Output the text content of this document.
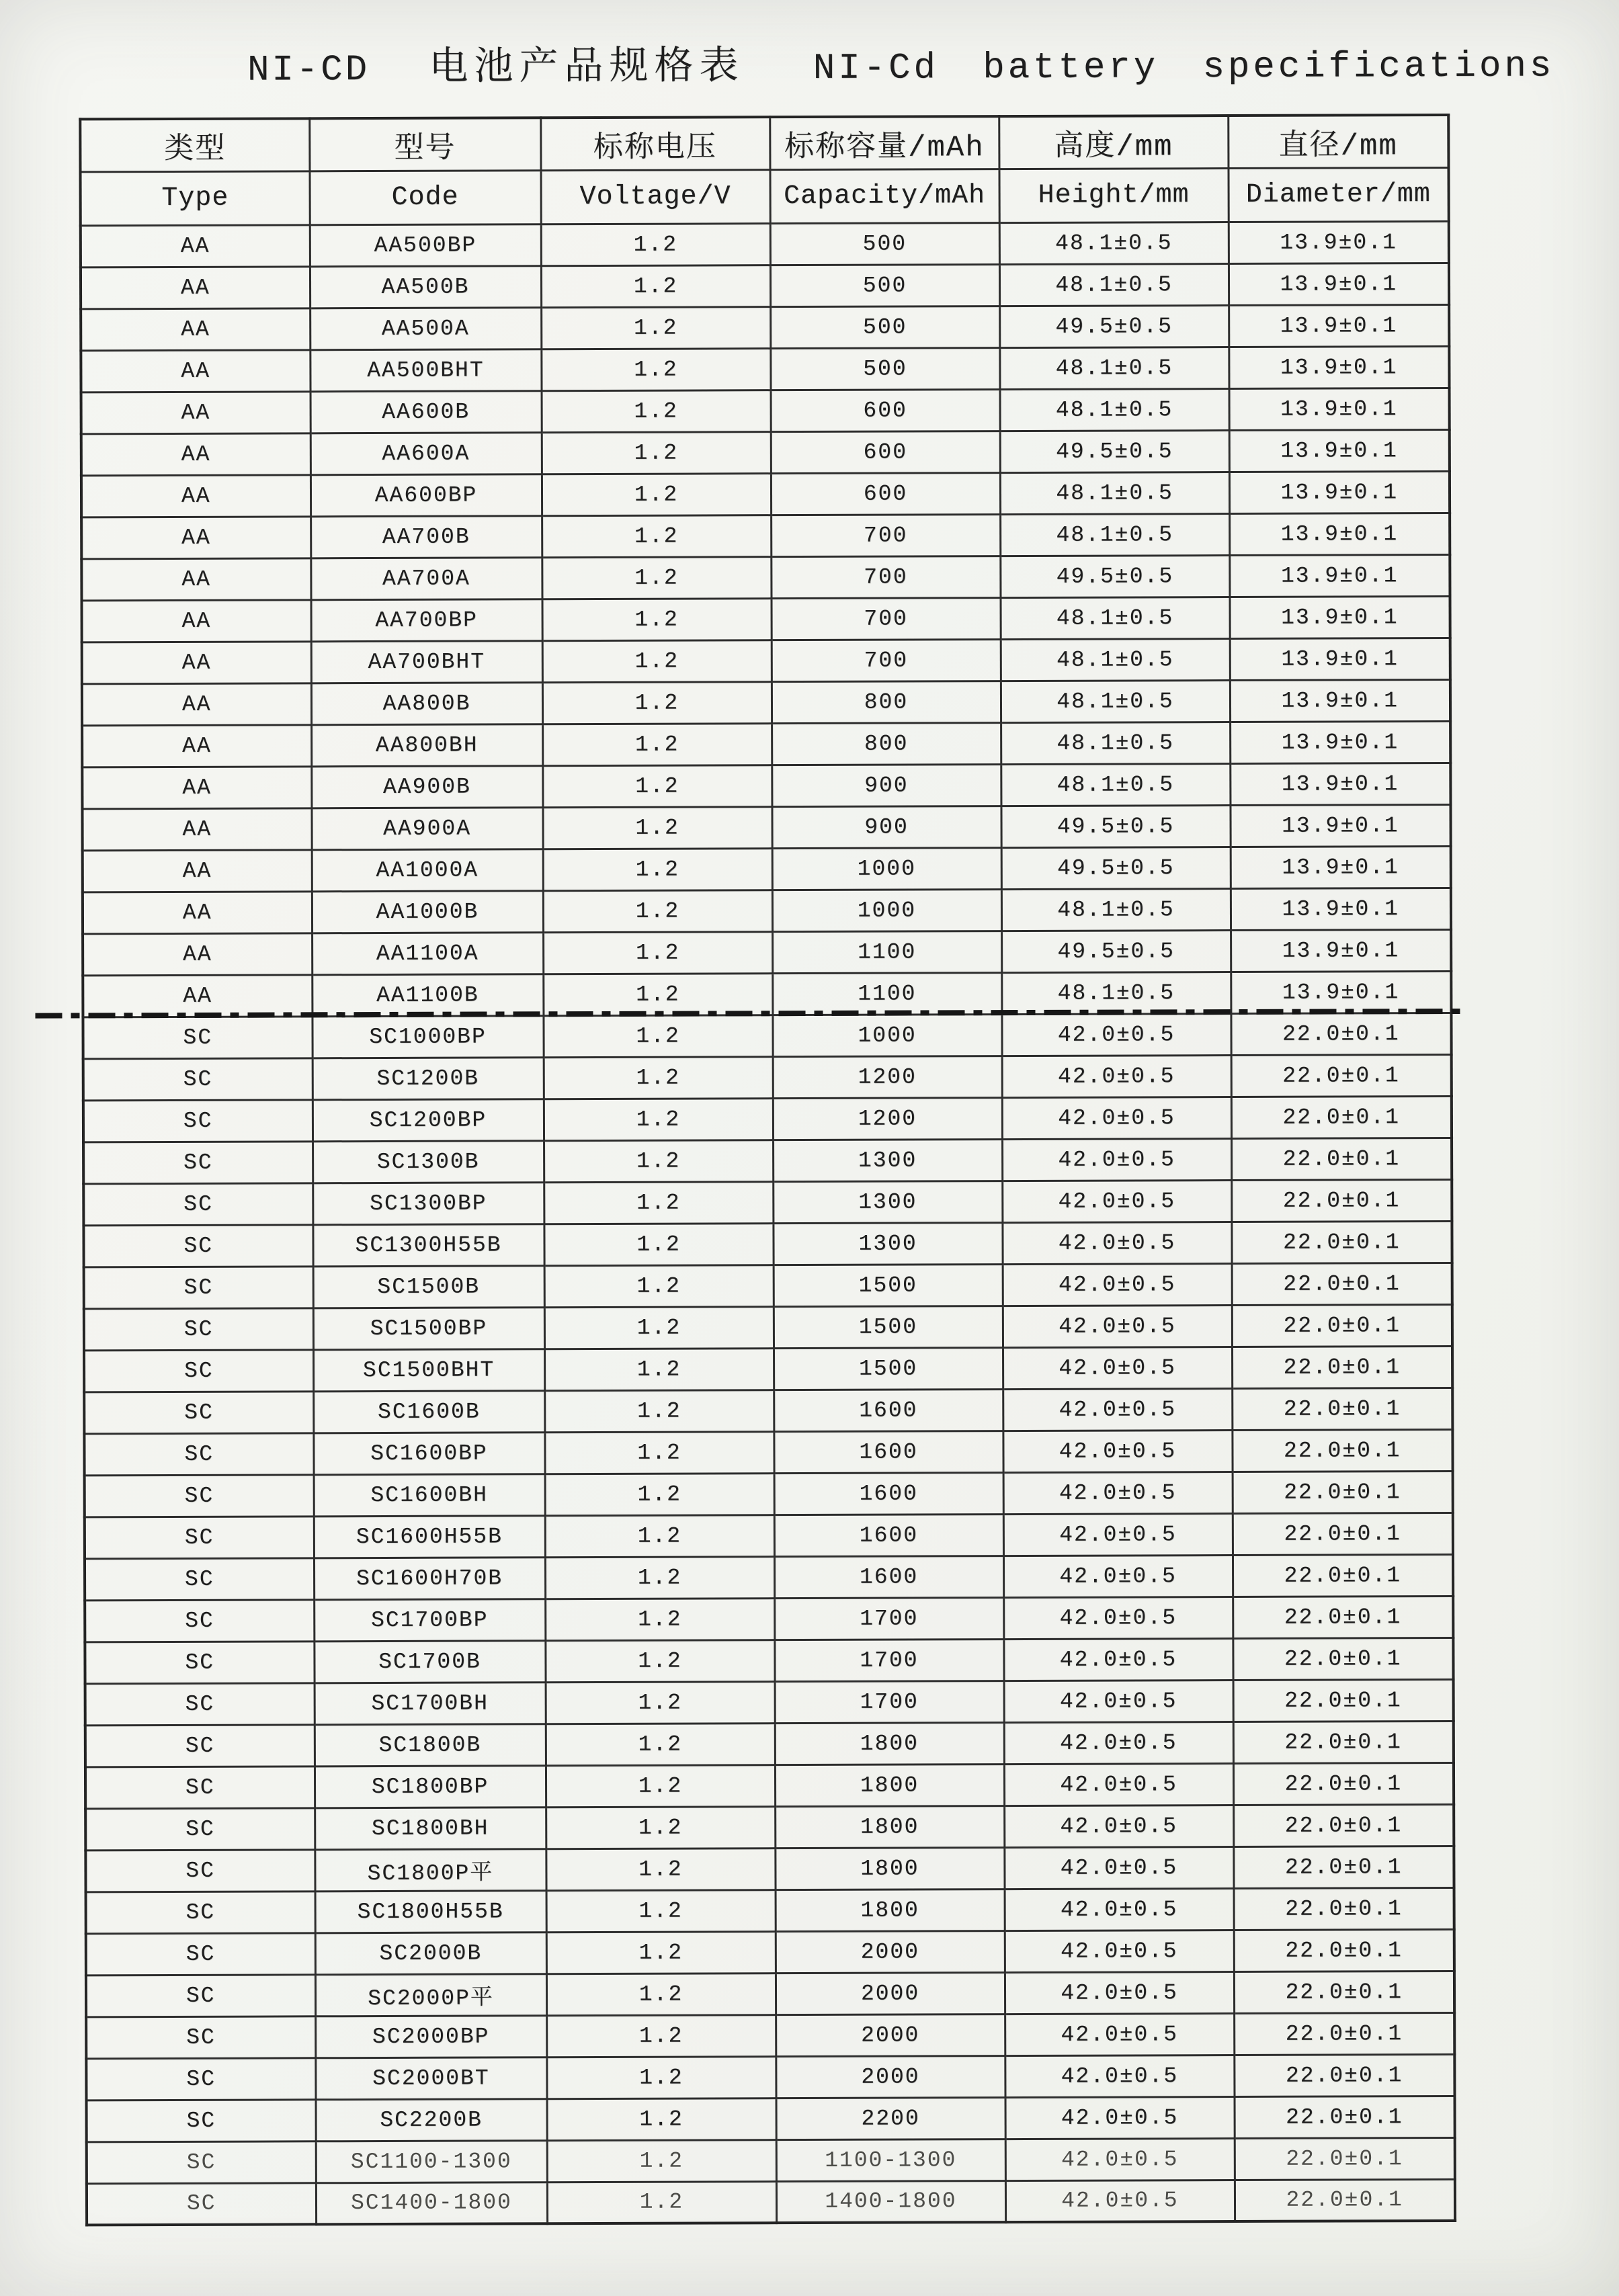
NI-CD 电池产品规格表 NI-Cd battery specifications
类型	型号	标称电压	标称容量/mAh	高度/mm	直径/mm
Type	Code	Voltage/V	Capacity/mAh	Height/mm	Diameter/mm
AA	AA500BP	1.2	500	48.1±0.5	13.9±0.1
AA	AA500B	1.2	500	48.1±0.5	13.9±0.1
AA	AA500A	1.2	500	49.5±0.5	13.9±0.1
AA	AA500BHT	1.2	500	48.1±0.5	13.9±0.1
AA	AA600B	1.2	600	48.1±0.5	13.9±0.1
AA	AA600A	1.2	600	49.5±0.5	13.9±0.1
AA	AA600BP	1.2	600	48.1±0.5	13.9±0.1
AA	AA700B	1.2	700	48.1±0.5	13.9±0.1
AA	AA700A	1.2	700	49.5±0.5	13.9±0.1
AA	AA700BP	1.2	700	48.1±0.5	13.9±0.1
AA	AA700BHT	1.2	700	48.1±0.5	13.9±0.1
AA	AA800B	1.2	800	48.1±0.5	13.9±0.1
AA	AA800BH	1.2	800	48.1±0.5	13.9±0.1
AA	AA900B	1.2	900	48.1±0.5	13.9±0.1
AA	AA900A	1.2	900	49.5±0.5	13.9±0.1
AA	AA1000A	1.2	1000	49.5±0.5	13.9±0.1
AA	AA1000B	1.2	1000	48.1±0.5	13.9±0.1
AA	AA1100A	1.2	1100	49.5±0.5	13.9±0.1
AA	AA1100B	1.2	1100	48.1±0.5	13.9±0.1
SC	SC1000BP	1.2	1000	42.0±0.5	22.0±0.1
SC	SC1200B	1.2	1200	42.0±0.5	22.0±0.1
SC	SC1200BP	1.2	1200	42.0±0.5	22.0±0.1
SC	SC1300B	1.2	1300	42.0±0.5	22.0±0.1
SC	SC1300BP	1.2	1300	42.0±0.5	22.0±0.1
SC	SC1300H55B	1.2	1300	42.0±0.5	22.0±0.1
SC	SC1500B	1.2	1500	42.0±0.5	22.0±0.1
SC	SC1500BP	1.2	1500	42.0±0.5	22.0±0.1
SC	SC1500BHT	1.2	1500	42.0±0.5	22.0±0.1
SC	SC1600B	1.2	1600	42.0±0.5	22.0±0.1
SC	SC1600BP	1.2	1600	42.0±0.5	22.0±0.1
SC	SC1600BH	1.2	1600	42.0±0.5	22.0±0.1
SC	SC1600H55B	1.2	1600	42.0±0.5	22.0±0.1
SC	SC1600H70B	1.2	1600	42.0±0.5	22.0±0.1
SC	SC1700BP	1.2	1700	42.0±0.5	22.0±0.1
SC	SC1700B	1.2	1700	42.0±0.5	22.0±0.1
SC	SC1700BH	1.2	1700	42.0±0.5	22.0±0.1
SC	SC1800B	1.2	1800	42.0±0.5	22.0±0.1
SC	SC1800BP	1.2	1800	42.0±0.5	22.0±0.1
SC	SC1800BH	1.2	1800	42.0±0.5	22.0±0.1
SC	SC1800P平	1.2	1800	42.0±0.5	22.0±0.1
SC	SC1800H55B	1.2	1800	42.0±0.5	22.0±0.1
SC	SC2000B	1.2	2000	42.0±0.5	22.0±0.1
SC	SC2000P平	1.2	2000	42.0±0.5	22.0±0.1
SC	SC2000BP	1.2	2000	42.0±0.5	22.0±0.1
SC	SC2000BT	1.2	2000	42.0±0.5	22.0±0.1
SC	SC2200B	1.2	2200	42.0±0.5	22.0±0.1
SC	SC1100-1300	1.2	1100-1300	42.0±0.5	22.0±0.1
SC	SC1400-1800	1.2	1400-1800	42.0±0.5	22.0±0.1
